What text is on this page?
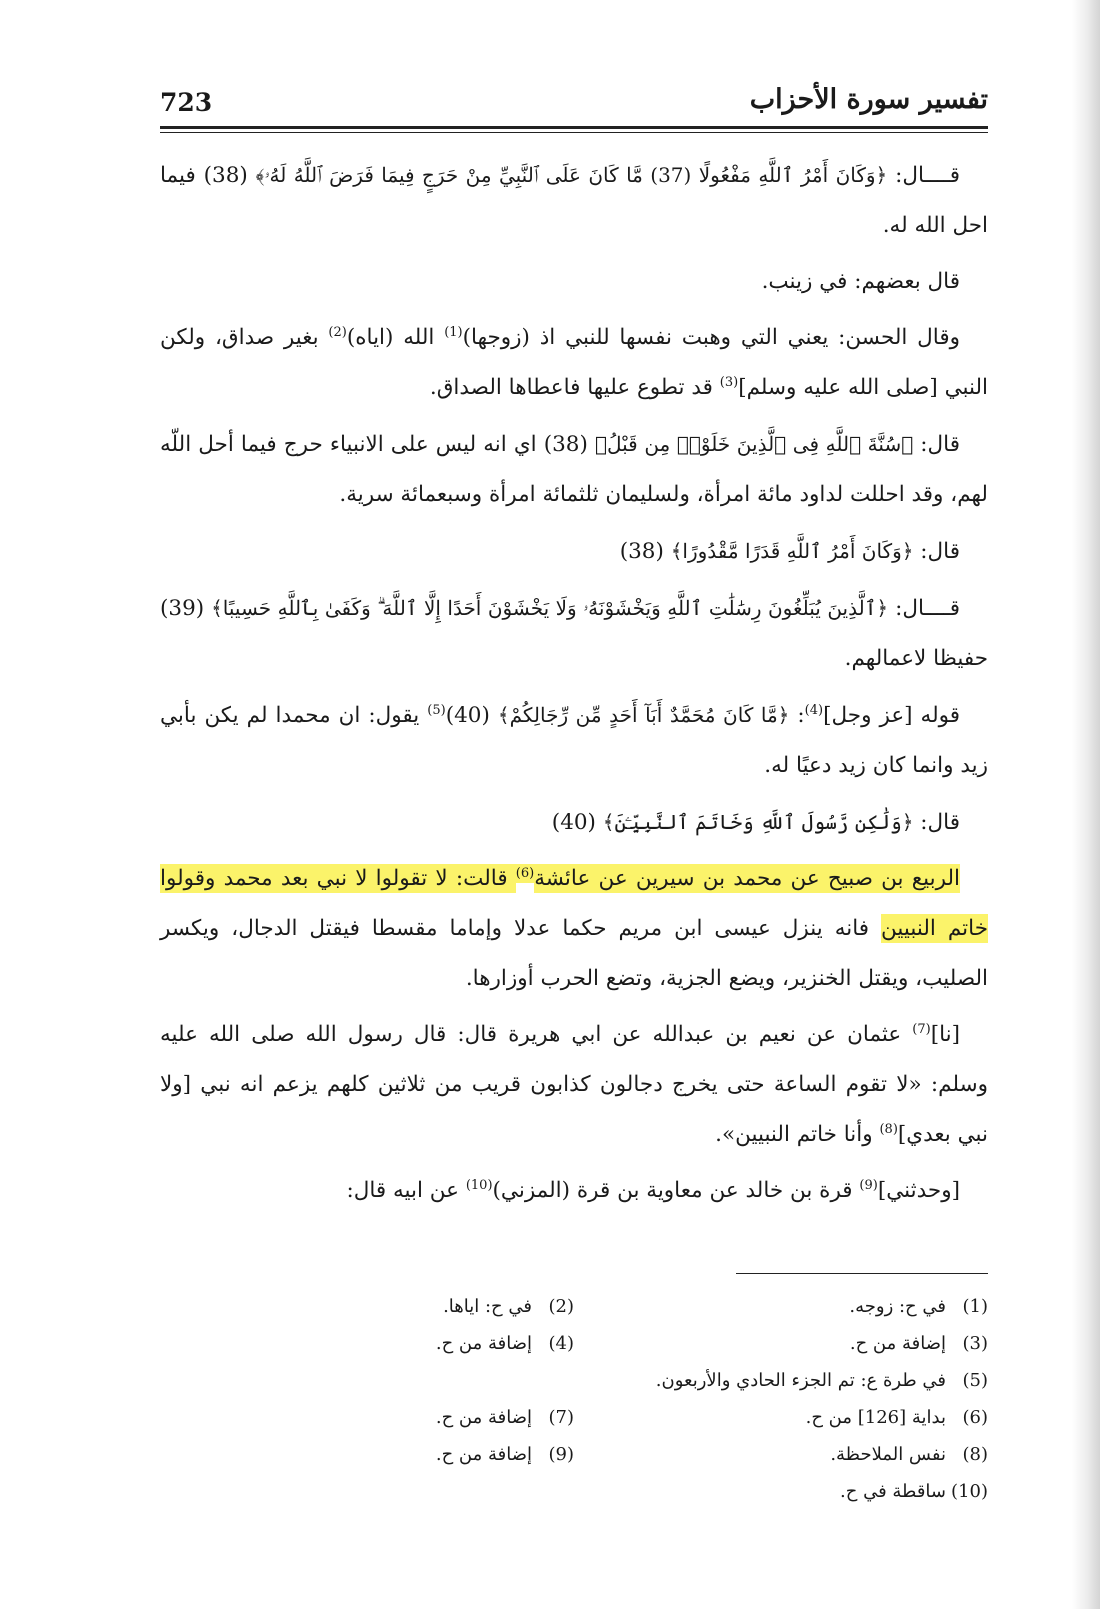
723	تفسير سورة الأحزاب

قــــال: ﴿وَكَانَ أَمْرُ ٱللَّهِ مَفْعُولًا (37) مَّا كَانَ عَلَى ٱلنَّبِيِّ مِنْ حَرَجٍ فِيمَا فَرَضَ ٱللَّهُ لَهُۥ﴾ (38) فيما احل الله له.

قال بعضهم: في زينب.

وقال الحسن: يعني التي وهبت نفسها للنبي اذ (زوجها)$^{(1)}$ الله (اياه)$^{(2)}$ بغير صداق، ولكن النبي [صلى الله عليه وسلم]$^{(3)}$ قد تطوع عليها فاعطاها الصداق.

قال: ﴿سُنَّةَ ٱللَّهِ فِى ٱلَّذِينَ خَلَوْا۟ مِن قَبْلُ﴾ (38) اي انه ليس على الانبياء حرج فيما أحل اللّه لهم، وقد احللت لداود مائة امرأة، ولسليمان ثلثمائة امرأة وسبعمائة سرية.

قال: ﴿وَكَانَ أَمْرُ ٱللَّهِ قَدَرًا مَّقْدُورًا﴾ (38)

قــــال: ﴿ٱلَّذِينَ يُبَلِّغُونَ رِسَٰلَٰتِ ٱللَّهِ وَيَخْشَوْنَهُۥ وَلَا يَخْشَوْنَ أَحَدًا إِلَّا ٱللَّهَ ۗ وَكَفَىٰ بِٱللَّهِ حَسِيبًا﴾ (39) حفيظا لاعمالهم.

قوله [عز وجل]$^{(4)}$: ﴿مَّا كَانَ مُحَمَّدٌ أَبَآ أَحَدٍ مِّن رِّجَالِكُمْ﴾ $(40)^{(5)}$ يقول: ان محمدا لم يكن بأبي زيد وانما كان زيد دعيًا له.

قال: ﴿وَلَٰكِن رَّسُولَ ٱللَّهِ وَخَاتَمَ ٱلنَّبِيِّـۧنَ﴾ (40)

الربيع بن صبيح عن محمد بن سيرين عن عائشة$^{(6)}$ قالت: لا تقولوا لا نبي بعد محمد وقولوا خاتم النبيين فانه ينزل عيسى ابن مريم حكما عدلا وإماما مقسطا فيقتل الدجال، ويكسر الصليب، ويقتل الخنزير، ويضع الجزية، وتضع الحرب أوزارها.

[نا]$^{(7)}$ عثمان عن نعيم بن عبدالله عن ابي هريرة قال: قال رسول الله صلى الله عليه وسلم: «لا تقوم الساعة حتى يخرج دجالون كذابون قريب من ثلاثين كلهم يزعم انه نبي [ولا نبي بعدي]$^{(8)}$ وأنا خاتم النبيين».

[وحدثني]$^{(9)}$ قرة بن خالد عن معاوية بن قرة (المزني)$^{(10)}$ عن ابيه قال:

(1)في ح: زوجه.
(2)في ح: اياها.
(3)إضافة من ح.
(4)إضافة من ح.
(5)في طرة ع: تم الجزء الحادي والأربعون.
(6)بداية [126] من ح.
(7)إضافة من ح.
(8)نفس الملاحظة.
(9)إضافة من ح.
(10)ساقطة في ح.
